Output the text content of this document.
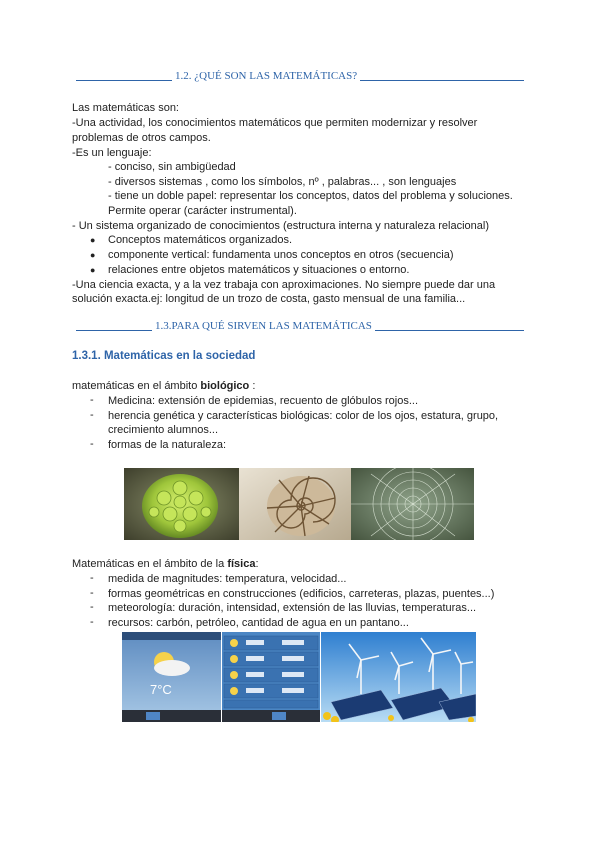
1.2. ¿QUÉ SON LAS MATEMÁTICAS?
Las matemáticas son:
-Una actividad, los conocimientos matemáticos que permiten modernizar y resolver
problemas de otros campos.
-Es un lenguaje:
- conciso, sin ambigüedad
- diversos sistemas , como los símbolos, nº , palabras... , son lenguajes
- tiene un doble papel: representar los conceptos, datos del problema y soluciones.
Permite operar (carácter instrumental).
- Un sistema organizado de conocimientos (estructura interna y naturaleza relacional)
● Conceptos matemáticos organizados.
● componente vertical: fundamenta unos conceptos en otros (secuencia)
● relaciones entre objetos matemáticos y situaciones o entorno.
-Una ciencia exacta, y a la vez trabaja con aproximaciones. No siempre puede dar una
solución exacta.ej: longitud de un trozo de costa, gasto mensual de una familia...
1.3.PARA QUÉ SIRVEN LAS MATEMÁTICAS
1.3.1. Matemáticas en la sociedad
matemáticas en el ámbito biológico :
- Medicina: extensión de epidemias, recuento de glóbulos rojos...
- herencia genética y características biológicas: color de los ojos, estatura, grupo,
crecimiento alumnos...
- formas de la naturaleza:
Matemáticas en el ámbito de la física:
- medida de magnitudes: temperatura, velocidad...
- formas geométricas en construcciones (edificios, carreteras, plazas, puentes...)
- meteorología: duración, intensidad, extensión de las lluvias, temperaturas...
- recursos: carbón, petróleo, cantidad de agua en un pantano...
7°C
